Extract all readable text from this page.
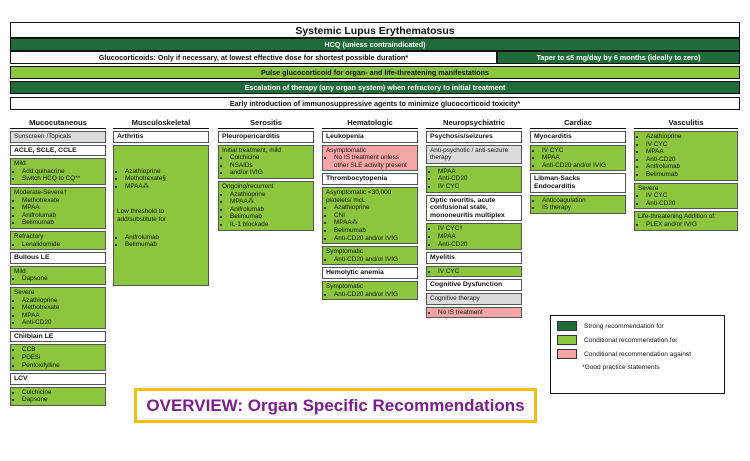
Systemic Lupus Erythematosus
HCQ (unless contraindicated)
Glucocorticoids: Only if necessary, at lowest effective dose for shortest possible duration*	Taper to ≤5 mg/day by 6 months (ideally to zero)
Pulse glucocorticoid for organ- and life-threatening manifestations
Escalation of therapy (any organ system) when refractory to initial treatment
Early introduction of immunosuppressive agents to minimize glucocorticoid toxicity*
Mucocutaneous
Sunscreen /Topicals
ACLE, SCLE, CCLE
Mild
• Add quinacrine
• Switch HCQ to CQ**
Moderate-Severe†
• Methotrexate
• MPAA
• Anifrolumab
• Belimumab
Refractory
• Lenalidomide
Bullous LE
Mild
• Dapsone
Severe
• Azathioprine
• Methotrexate
• MPAA
• Anti-CD20
Chilblain LE
• CCB
• PDE5i
• Pentoxifylline
LCV
• Colchicine
• Dapsone
Musculoskeletal
Arthritis
• Azathioprine
• Methotrexate§
• MPAA⁂
Low threshold to add/substitute for
• Anifrolumab
• Belimumab
Serositis
Pleuropericarditis
Initial treatment, mild
• Colchicine
• NSAIDs
• and/or IVIG
Ongoing/recurrent
• Azathioprine
• MPAA⁂
• Anifrolumab
• Belimumab
• IL-1 blockade
Hematologic
Leukopenia
Asymptomatic
• No IS treatment unless other SLE activity present
Thrombocytopenia
Asymptomatic <30,000 platelets/ mcL
• Azathioprine
• CNI
• MPAA⁂
• Belimumab
• Anti-CD20 and/or IVIG
Symptomatic
• Anti-CD20 and/or IVIG
Hemolytic anemia
Symptomatic
• Anti-CD20 and/or IVIG
Neuropsychiatric
Psychosis/seizures
Anti-psychotic / anti-seizure therapy
• MPAA
• Anti-CD20
• IV CYC
Optic neuritis, acute confusional state, mononeuritis multiplex
• IV CYC†
• MPAA
• Anti-CD20
Myelitis
• IV CYC
Cognitive Dysfunction
Cognitive therapy
• No IS treatment
Cardiac
Myocarditis
• IV CYC
• MPAA
• Anti-CD20 and/or IVIG
Libman-Sacks Endocarditis
• Anticoagulation
• IS therapy
Vasculitis
• Azathioprine
• IV CYC
• MPAA
• Anti-CD20
• Anifrolumab
• Belimumab
Severe
• IV CYC
• Anti-CD20
Life-threatening Addition of:
• PLEX and/or IVIG
Strong recommendation for
Conditional recommendation for
Conditional recommendation against
*Good practice statements
OVERVIEW: Organ Specific Recommendations
